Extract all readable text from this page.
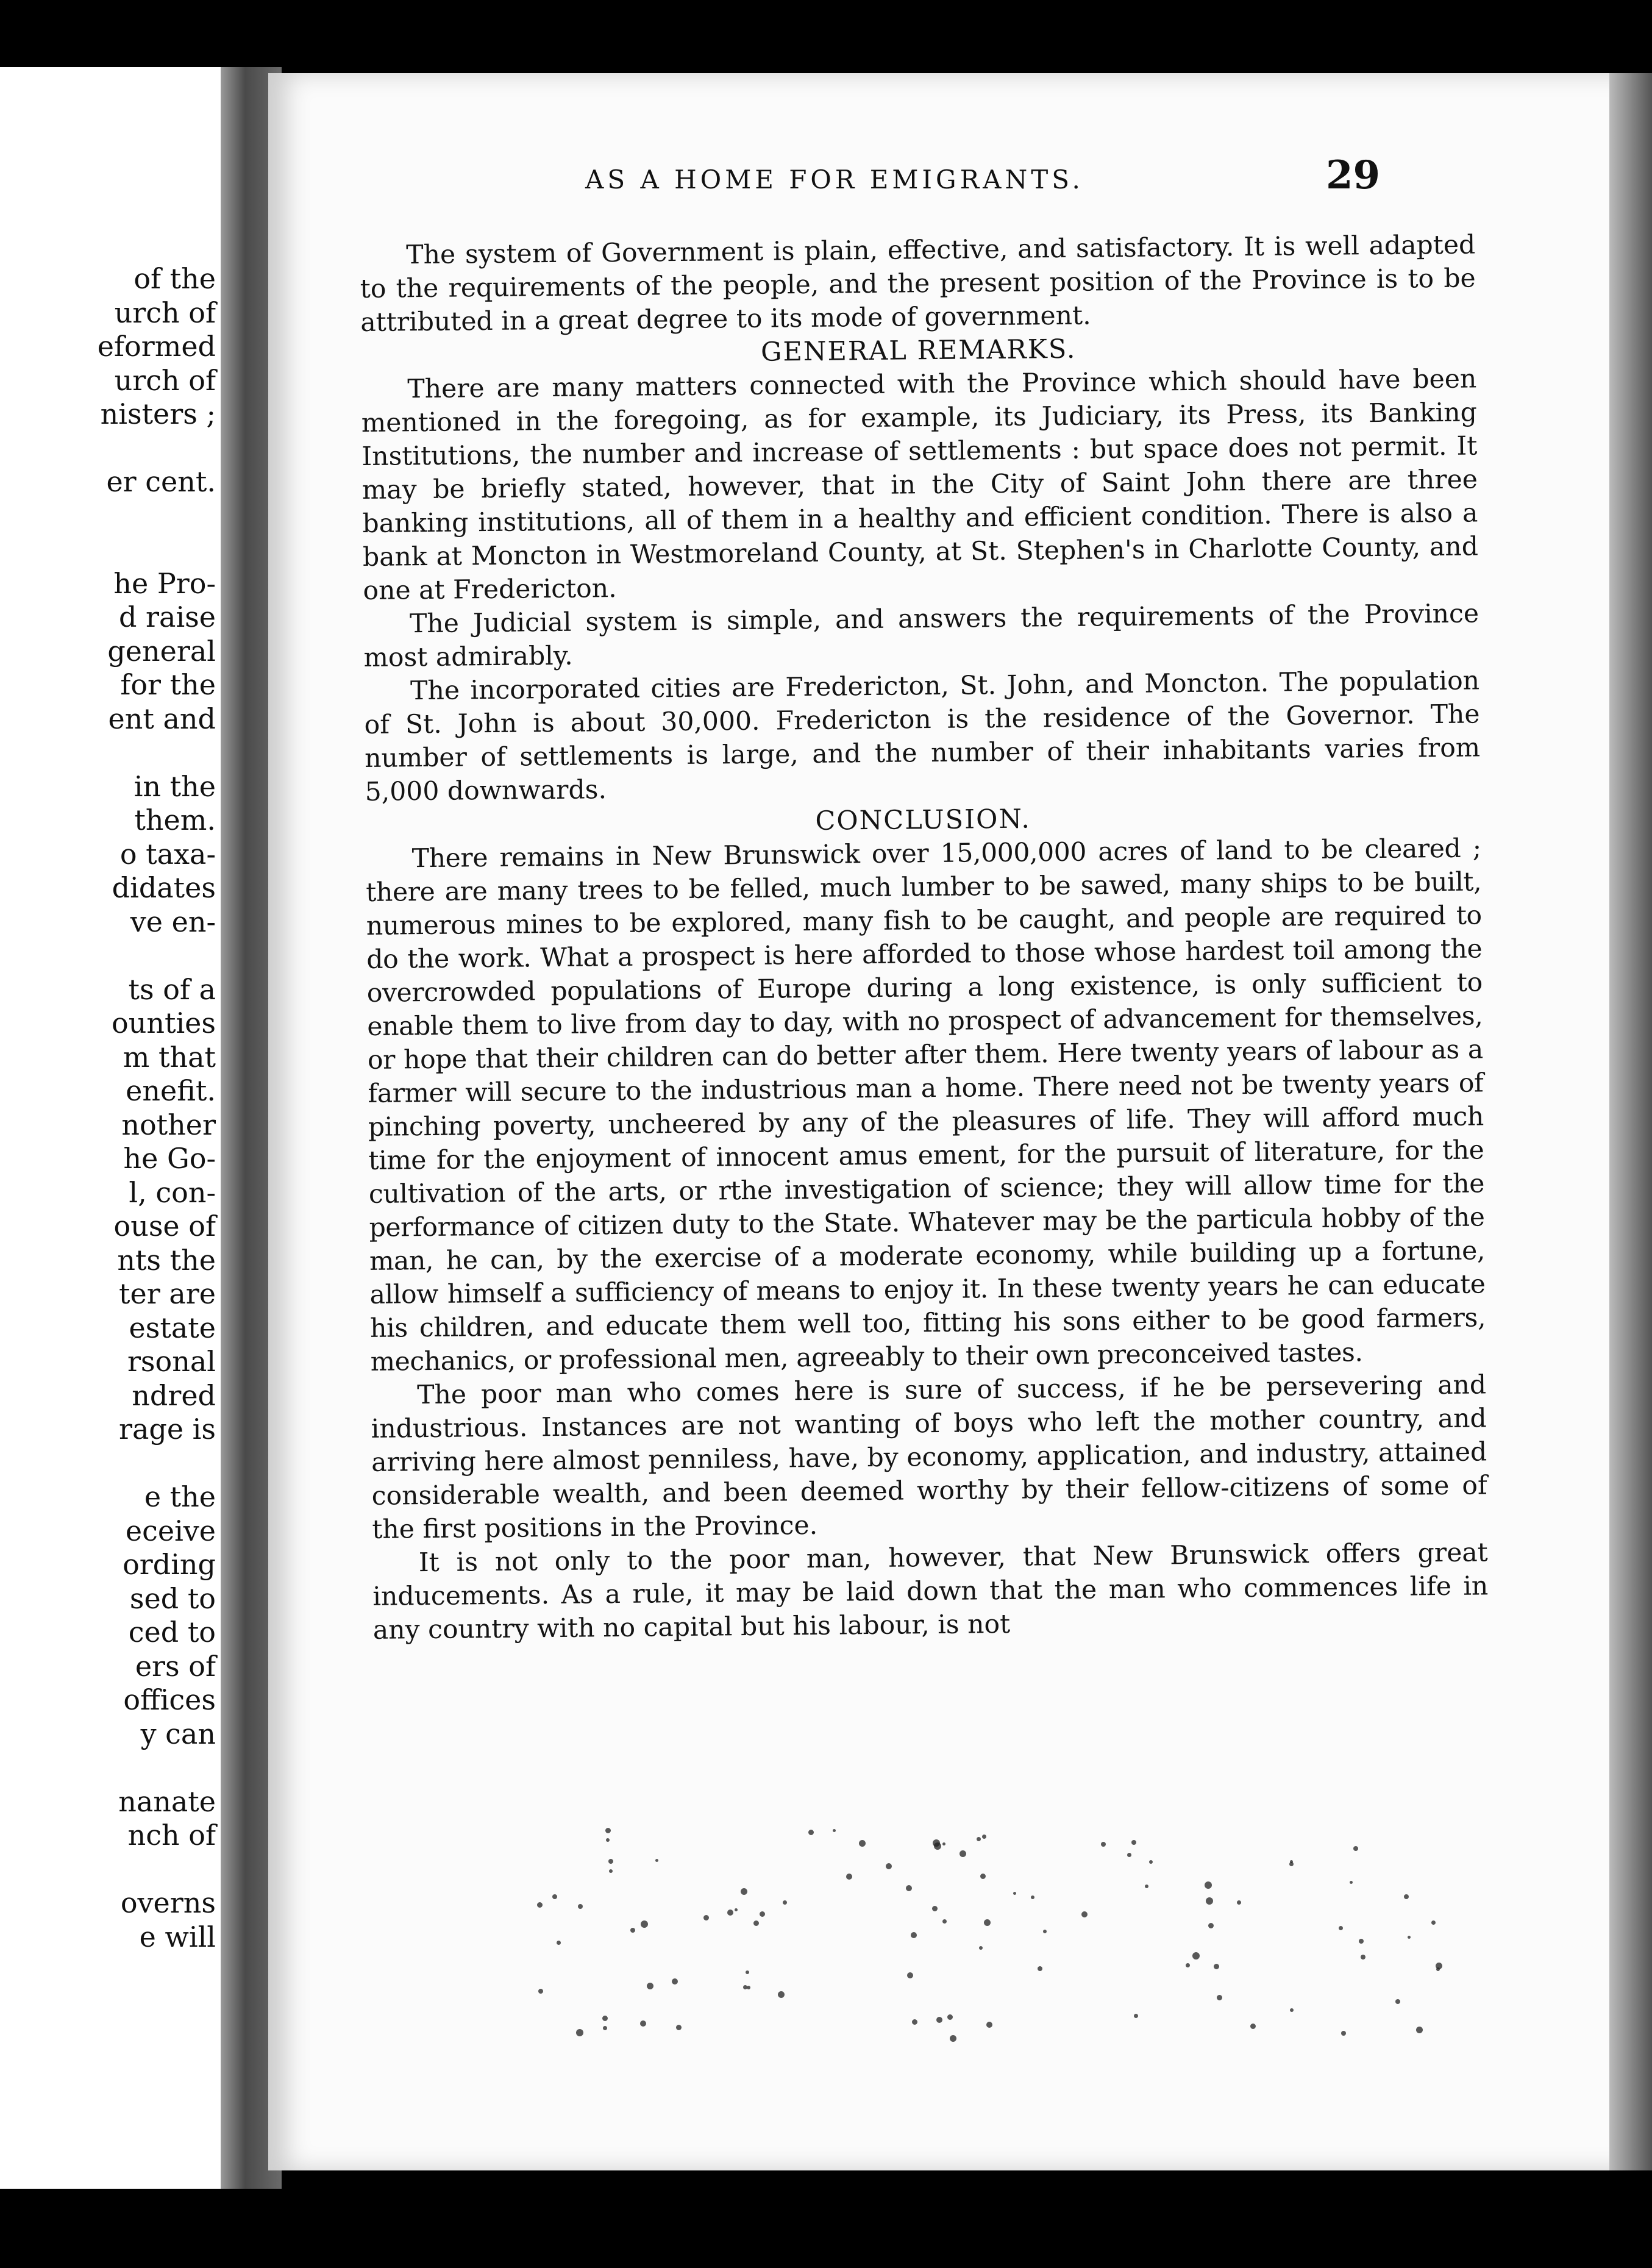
of the
urch of
eformed
urch of
nisters ;
er cent.
he Pro-
d raise
general
for the
ent and
in the
them.
o taxa-
didates
ve en-
ts of a
ounties
m that
enefit.
nother
he Go-
l, con-
ouse of
nts the
ter are
estate
rsonal
ndred
rage is
e the
eceive
ording
sed to
ced to
ers of
offices
y can
nanate
nch of
overns
e will
AS A HOME FOR EMIGRANTS.	29

The system of Government is plain, effective, and satisfactory. It is well adapted to the requirements of the people, and the present position of the Province is to be attributed in a great degree to its mode of government.

GENERAL REMARKS.

There are many matters connected with the Province which should have been mentioned in the foregoing, as for example, its Judiciary, its Press, its Banking Institutions, the number and increase of settlements : but space does not permit. It may be briefly stated, however, that in the City of Saint John there are three banking institutions, all of them in a healthy and efficient condition. There is also a bank at Moncton in Westmoreland County, at St. Stephen's in Charlotte County, and one at Fredericton.

The Judicial system is simple, and answers the requirements of the Province most admirably.

The incorporated cities are Fredericton, St. John, and Moncton. The population of St. John is about 30,000. Fredericton is the residence of the Governor. The number of settlements is large, and the number of their inhabitants varies from 5,000 downwards.

CONCLUSION.

There remains in New Brunswick over 15,000,000 acres of land to be cleared ; there are many trees to be felled, much lumber to be sawed, many ships to be built, numerous mines to be explored, many fish to be caught, and people are required to do the work. What a prospect is here afforded to those whose hardest toil among the overcrowded populations of Europe during a long existence, is only sufficient to enable them to live from day to day, with no prospect of advancement for themselves, or hope that their children can do better after them. Here twenty years of labour as a farmer will secure to the industrious man a home. There need not be twenty years of pinching poverty, uncheered by any of the pleasures of life. They will afford much time for the enjoyment of innocent amus ement, for the pursuit of literature, for the cultivation of the arts, or rthe investigation of science; they will allow time for the performance of citizen duty to the State. Whatever may be the particula hobby of the man, he can, by the exercise of a moderate economy, while building up a fortune, allow himself a sufficiency of means to enjoy it. In these twenty years he can educate his children, and educate them well too, fitting his sons either to be good farmers, mechanics, or professional men, agreeably to their own preconceived tastes.

The poor man who comes here is sure of success, if he be persevering and industrious. Instances are not wanting of boys who left the mother country, and arriving here almost penniless, have, by economy, application, and industry, attained considerable wealth, and been deemed worthy by their fellow-citizens of some of the first positions in the Province.

It is not only to the poor man, however, that New Brunswick offers great inducements. As a rule, it may be laid down that the man who commences life in any country with no capital but his labour, is not
